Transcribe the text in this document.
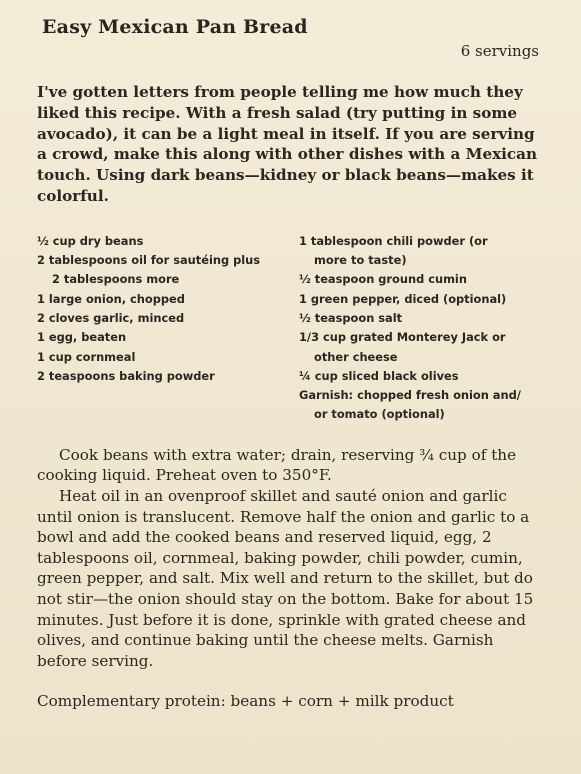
Easy Mexican Pan Bread
6 servings
I've gotten letters from people telling me how much they liked this recipe. With a fresh salad (try putting in some avocado), it can be a light meal in itself. If you are serving a crowd, make this along with other dishes with a Mexican touch. Using dark beans—kidney or black beans—makes it colorful.
½ cup dry beans
2 tablespoons oil for sautéing plus
2 tablespoons more
1 large onion, chopped
2 cloves garlic, minced
1 egg, beaten
1 cup cornmeal
2 teaspoons baking powder
1 tablespoon chili powder (or
more to taste)
½ teaspoon ground cumin
1 green pepper, diced (optional)
½ teaspoon salt
1/3 cup grated Monterey Jack or
other cheese
¼ cup sliced black olives
Garnish: chopped fresh onion and/
or tomato (optional)

Cook beans with extra water; drain, reserving ¾ cup of the cooking liquid. Preheat oven to 350°F.

Heat oil in an ovenproof skillet and sauté onion and garlic until onion is translucent. Remove half the onion and garlic to a bowl and add the cooked beans and reserved liquid, egg, 2 tablespoons oil, cornmeal, baking powder, chili powder, cumin, green pepper, and salt. Mix well and return to the skillet, but do not stir—the onion should stay on the bottom. Bake for about 15 minutes. Just before it is done, sprinkle with grated cheese and olives, and continue baking until the cheese melts. Garnish before serving.

Complementary protein: beans + corn + milk product
